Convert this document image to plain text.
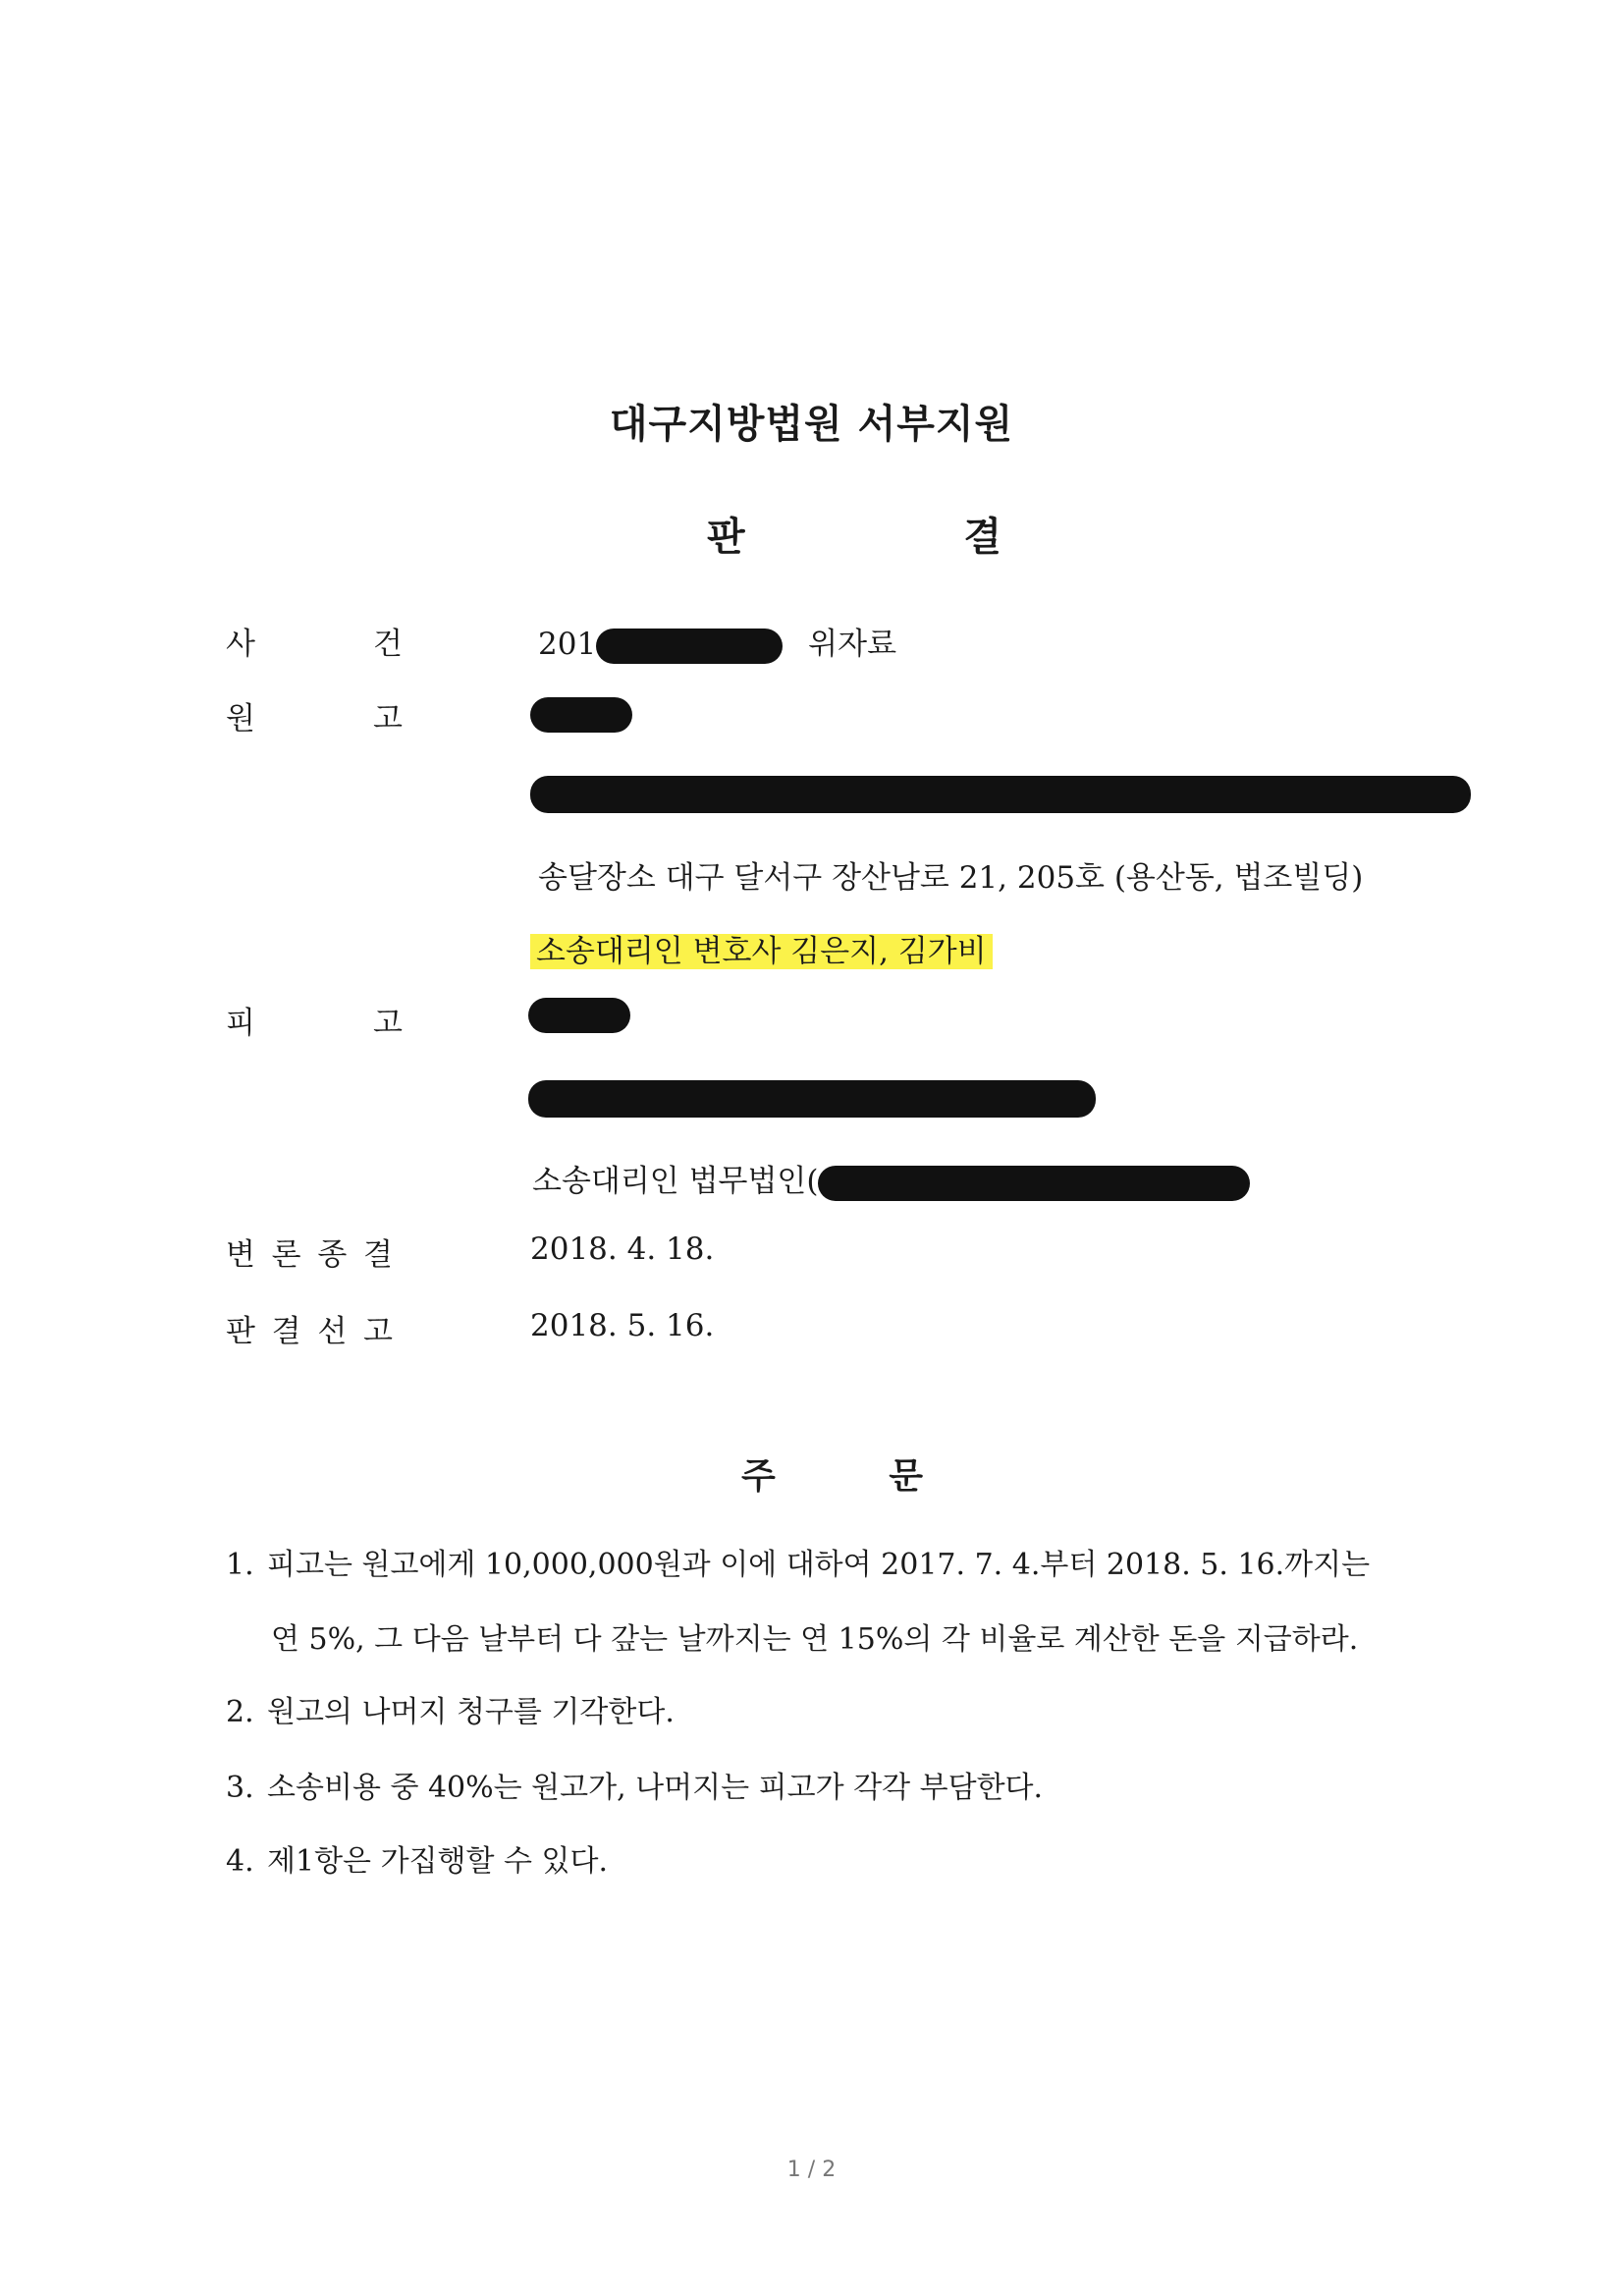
대구지방법원 서부지원
판	결
사	건	201	위자료
원	고
송달장소 대구 달서구 장산남로 21, 205호 (용산동, 법조빌딩)
소송대리인 변호사 김은지, 김가비
피	고
소송대리인 법무법인(
변 론 종 결	2018. 4. 18.
판 결 선 고	2018. 5. 16.
주	문
1. 피고는 원고에게 10,000,000원과 이에 대하여 2017. 7. 4.부터 2018. 5. 16.까지는
연 5%, 그 다음 날부터 다 갚는 날까지는 연 15%의 각 비율로 계산한 돈을 지급하라.
2. 원고의 나머지 청구를 기각한다.
3. 소송비용 중 40%는 원고가, 나머지는 피고가 각각 부담한다.
4. 제1항은 가집행할 수 있다.
1 / 2
